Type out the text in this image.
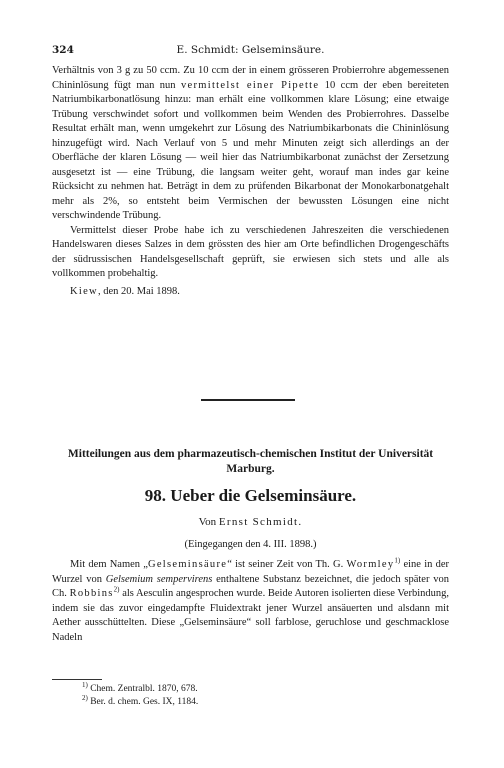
324	E. Schmidt: Gelseminsäure.

Verhältnis von 3 g zu 50 ccm. Zu 10 ccm der in einem grösseren Probierrohre abgemessenen Chininlösung fügt man nun vermittelst einer Pipette 10 ccm der eben bereiteten Natriumbikarbonatlösung hinzu: man erhält eine vollkommen klare Lösung; eine etwaige Trübung verschwindet sofort und vollkommen beim Wenden des Probierrohres. Dasselbe Resultat erhält man, wenn umgekehrt zur Lösung des Natriumbikarbonats die Chininlösung hinzugefügt wird. Nach Verlauf von 5 und mehr Minuten zeigt sich allerdings an der Oberfläche der klaren Lösung — weil hier das Natriumbikarbonat zunächst der Zersetzung ausgesetzt ist — eine Trübung, die langsam weiter geht, worauf man indes gar keine Rücksicht zu nehmen hat. Beträgt in dem zu prüfenden Bikarbonat der Monokarbonatgehalt mehr als 2%, so entsteht beim Vermischen der bewussten Lösungen eine nicht verschwindende Trübung.

Vermittelst dieser Probe habe ich zu verschiedenen Jahreszeiten die verschiedenen Handelswaren dieses Salzes in dem grössten des hier am Orte befindlichen Drogengeschäfts der südrussischen Handelsgesellschaft geprüft, sie erwiesen sich stets und alle als vollkommen probehaltig.

Kiew, den 20. Mai 1898.

Mitteilungen aus dem pharmazeutisch-chemischen Institut der Universität Marburg.
98. Ueber die Gelseminsäure.
Von Ernst Schmidt.
(Eingegangen den 4. III. 1898.)

Mit dem Namen „Gelseminsäure“ ist seiner Zeit von Th. G. Wormley$^{1)}$ eine in der Wurzel von Gelsemium sempervirens enthaltene Substanz bezeichnet, die jedoch später von Ch. Robbins$^{2)}$ als Aesculin angesprochen wurde. Beide Autoren isolierten diese Verbindung, indem sie das zuvor eingedampfte Fluidextrakt jener Wurzel ansäuerten und alsdann mit Aether ausschüttelten. Diese „Gelseminsäure“ soll farblose, geruchlose und geschmacklose Nadeln

$^{1)}$ Chem. Zentralbl. 1870, 678.
$^{2)}$ Ber. d. chem. Ges. IX, 1184.
